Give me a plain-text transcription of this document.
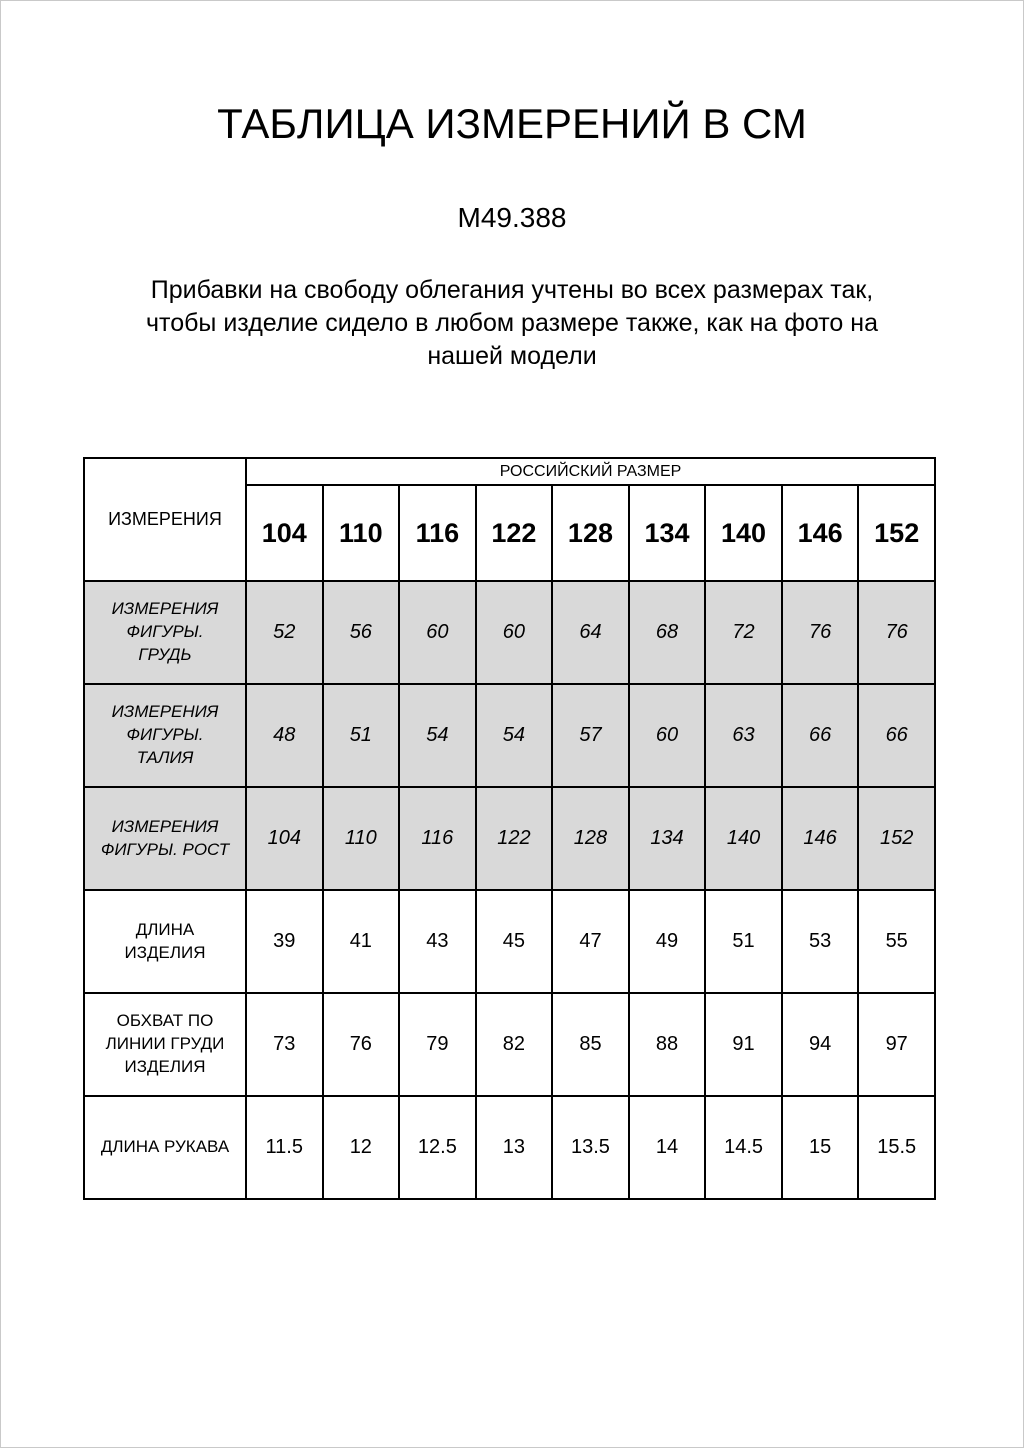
ТАБЛИЦА ИЗМЕРЕНИЙ В СМ
М49.388
Прибавки на свободу облегания учтены во всех размерах так,
чтобы изделие сидело в любом размере также, как на фото на
нашей модели
ИЗМЕРЕНИЯ	РОССИЙСКИЙ РАЗМЕР								
	104	110	116	122	128	134	140	146	152
ИЗМЕРЕНИЯ ФИГУРЫ. ГРУДЬ	52	56	60	60	64	68	72	76	76
ИЗМЕРЕНИЯ ФИГУРЫ. ТАЛИЯ	48	51	54	54	57	60	63	66	66
ИЗМЕРЕНИЯ ФИГУРЫ. РОСТ	104	110	116	122	128	134	140	146	152
ДЛИНА ИЗДЕЛИЯ	39	41	43	45	47	49	51	53	55
ОБХВАТ ПО ЛИНИИ ГРУДИ ИЗДЕЛИЯ	73	76	79	82	85	88	91	94	97
ДЛИНА РУКАВА	11.5	12	12.5	13	13.5	14	14.5	15	15.5
